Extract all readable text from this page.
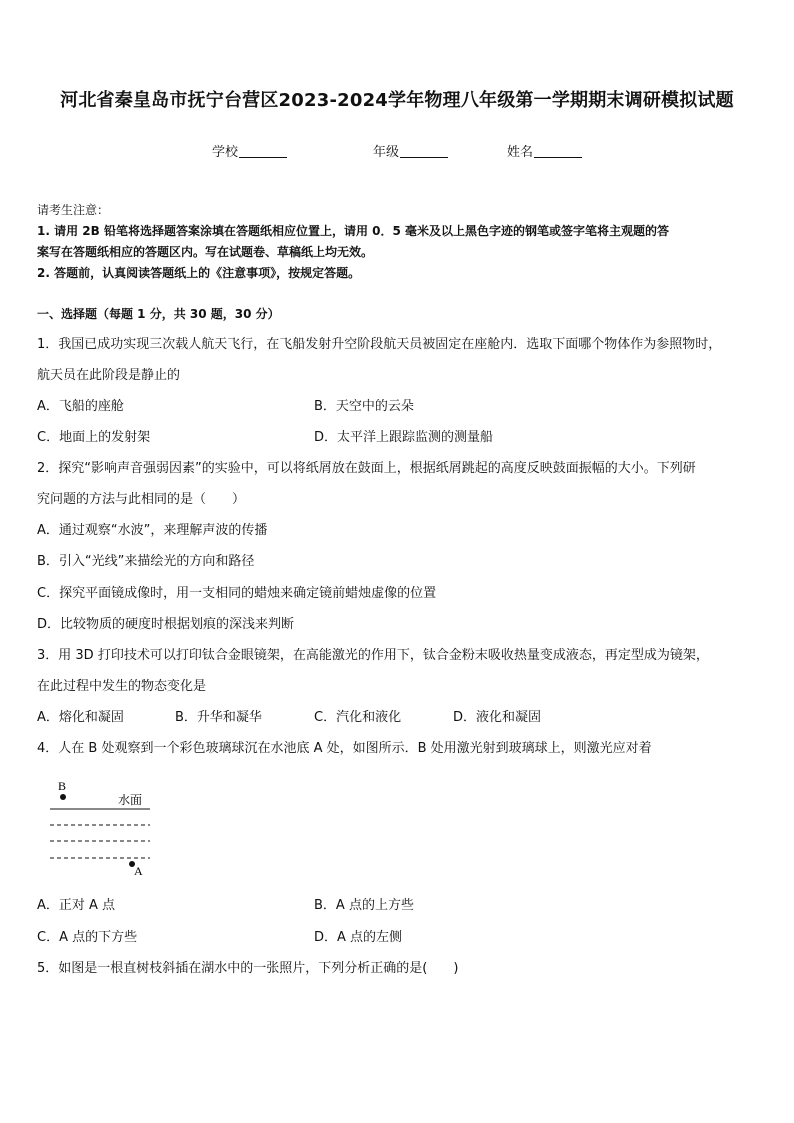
河北省秦皇岛市抚宁台营区2023-2024学年物理八年级第一学期期末调研模拟试题
学校	年级	姓名
请考生注意：
1. 请用 2B 铅笔将选择题答案涂填在答题纸相应位置上，请用 0．5 毫米及以上黑色字迹的钢笔或签字笔将主观题的答
案写在答题纸相应的答题区内。写在试题卷、草稿纸上均无效。
2. 答题前，认真阅读答题纸上的《注意事项》，按规定答题。
一、选择题（每题 1 分，共 30 题，30 分）
1．我国已成功实现三次载人航天飞行，在飞船发射升空阶段航天员被固定在座舱内．选取下面哪个物体作为参照物时，
航天员在此阶段是静止的
A．飞船的座舱	B．天空中的云朵
C．地面上的发射架	D．太平洋上跟踪监测的测量船
2．探究“影响声音强弱因素”的实验中，可以将纸屑放在鼓面上，根据纸屑跳起的高度反映鼓面振幅的大小。下列研
究问题的方法与此相同的是（　　）
A．通过观察“水波”，来理解声波的传播
B．引入“光线”来描绘光的方向和路径
C．探究平面镜成像时，用一支相同的蜡烛来确定镜前蜡烛虚像的位置
D．比较物质的硬度时根据划痕的深浅来判断
3．用 3D 打印技术可以打印钛合金眼镜架，在高能激光的作用下，钛合金粉末吸收热量变成液态，再定型成为镜架，
在此过程中发生的物态变化是
A．熔化和凝固	B．升华和凝华	C．汽化和液化	D．液化和凝固
4．人在 B 处观察到一个彩色玻璃球沉在水池底 A 处，如图所示．B 处用激光射到玻璃球上，则激光应对着
B
水面
A
A．正对 A 点	B．A 点的上方些
C．A 点的下方些	D．A 点的左侧
5．如图是一根直树枝斜插在湖水中的一张照片，下列分析正确的是(　　)
